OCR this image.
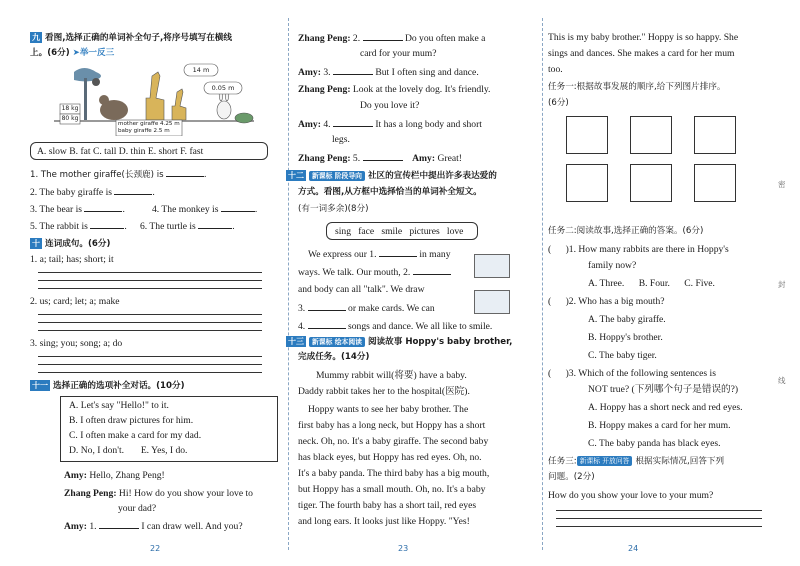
九 看图,选择正确的单词补全句子,将序号填写在横线
上。(6分) ➤举一反三
18 kg
80 kg
14 m
0.05 m
mother giraffe 4.25 m
baby giraffe 2.5 m
A. slow B. fat C. tall D. thin E. short F. fast
1. The mother giraffe(长颈鹿) is	.
2. The baby giraffe is	.
3. The bear is	.	4. The monkey is	.
5. The rabbit is	. 6. The turtle is	.
十 连词成句。(6分)
1. a; tail; has; short; it
2. us; card; let; a; make
3. sing; you; song; a; do
十一 选择正确的选项补全对话。(10分)
A. Let's say "Hello!" to it.
B. I often draw pictures for him.
C. I often make a card for my dad.
D. No, I don't.       E. Yes, I do.
Amy: Hello, Zhang Peng!
Zhang Peng: Hi! How do you show your love to
your dad?
Amy: 1.	I can draw well. And you?
22
Zhang Peng: 2.	Do you often make a
card for your mum?
Amy: 3.	But I often sing and dance.
Zhang Peng: Look at the lovely dog. It's friendly.
Do you love it?
Amy: 4.	It has a long body and short
legs.
Zhang Peng: 5.	Amy: Great!
十二 新课标 阶段导向 社区的宣传栏中提出许多表达爱的
方式。看图,从方框中选择恰当的单词补全短文。
(有一词多余)(8分)
sing   face   smile   pictures   love
We express our 1.	in many
ways. We talk. Our mouth, 2.
and body can all "talk". We draw
3.	or make cards. We can
4.	songs and dance. We all like to smile.
十三 新课标 绘本阅读 阅读故事 Hoppy's baby brother,
完成任务。(14分)
Mummy rabbit will(将要) have a baby.
Daddy rabbit takes her to the hospital(医院).
Hoppy wants to see her baby brother. The
first baby has a long neck, but Hoppy has a short
neck. Oh, no. It's a baby giraffe. The second baby
has black eyes, but Hoppy has red eyes. Oh, no.
It's a baby panda. The third baby has a big mouth,
but Hoppy has a small mouth. Oh, no. It's a baby
tiger. The fourth baby has a short tail, red eyes
and long ears. It looks just like Hoppy. "Yes!
23
This is my baby brother." Hoppy is so happy. She
sings and dances. She makes a card for her mum
too.
任务一:根据故事发展的顺序,给下列图片排序。
(6分)
任务二:阅读故事,选择正确的答案。(6分)
(      )1. How many rabbits are there in Hoppy's
family now?
A. Three.      B. Four.      C. Five.
(      )2. Who has a big mouth?
A. The baby giraffe.
B. Hoppy's brother.
C. The baby tiger.
(      )3. Which of the following sentences is
NOT true? (下列哪个句子是错误的?)
A. Hoppy has a short neck and red eyes.
B. Hoppy makes a card for her mum.
C. The baby panda has black eyes.
任务三: 新课标 开放问答 根据实际情况,回答下列
问题。(2分)
How do you show your love to your mum?
24
密
封
线
